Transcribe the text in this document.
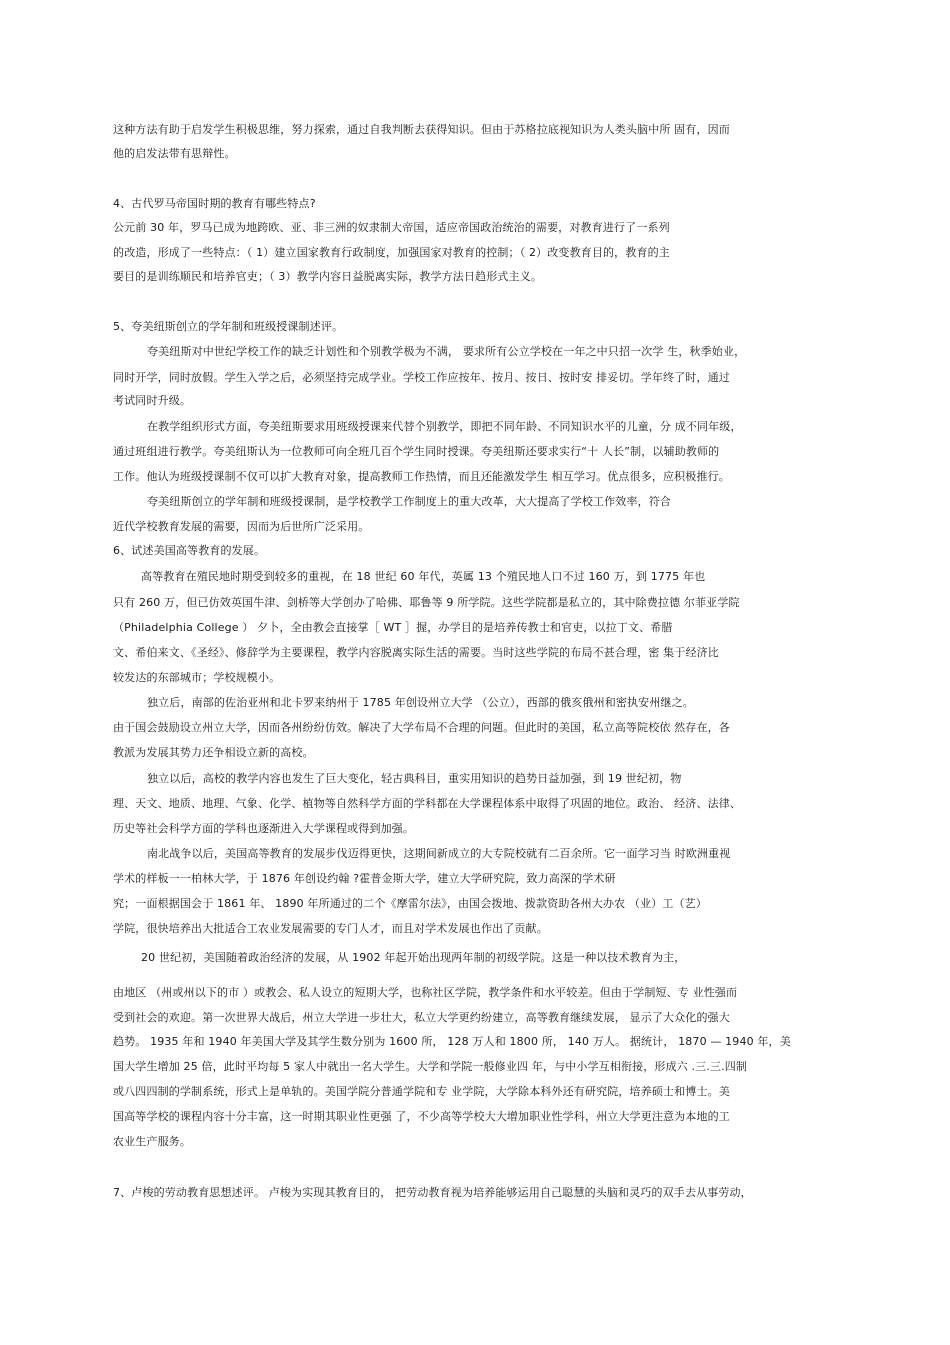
这种方法有助于启发学生积极思维，努力探索，通过自我判断去获得知识。但由于苏格拉底视知识为人类头脑中所 固有，因而
他的启发法带有思辩性。
4、古代罗马帝国时期的教育有哪些特点?
公元前 30 年，罗马已成为地跨欧、亚、非三洲的奴隶制大帝国，适应帝国政治统治的需要，对教育进行了一系列
的改造，形成了一些特点：（ 1）建立国家教育行政制度，加强国家对教育的控制；（ 2）改变教育目的，教育的主
要目的是训练顺民和培养官吏；（ 3）教学内容日益脱离实际，教学方法日趋形式主义。
5、夸美纽斯创立的学年制和班级授课制述评。
夸美纽斯对中世纪学校工作的缺乏计划性和个别教学极为不满， 要求所有公立学校在一年之中只招一次学 生，秋季始业，
同时开学，同时放假。学生入学之后，必须坚持完成学业。学校工作应按年、按月、按日、按时安 排妥切。学年终了时，通过
考试同时升级。
在教学组织形式方面，夸美纽斯要求用班级授课来代替个别教学，即把不同年龄、不同知识水平的儿童，分 成不同年级，
通过班组进行教学。夸美纽斯认为一位教师可向全班几百个学生同时授课。夸美纽斯还要求实行“十 人长”制，以辅助教师的
工作。他认为班级授课制不仅可以扩大教育对象，提高教师工作热情，而且还能激发学生 相互学习。优点很多，应积极推行。
夸美纽斯创立的学年制和班级授课制，是学校教学工作制度上的重大改革，大大提高了学校工作效率，符合
近代学校教育发展的需要，因而为后世所广泛采用。
6、试述美国高等教育的发展。
高等教育在殖民地时期受到较多的重视，在 18 世纪 60 年代，英属 13 个殖民地人口不过 160 万，到 1775 年也
只有 260 万，但已仿效英国牛津、剑桥等大学创办了哈佛、耶鲁等 9 所学院。这些学院都是私立的，其中除费拉德 尔菲亚学院
（Philadelphia College ） 夕卜，全由教会直接掌［ WT ］握，办学目的是培养传教士和官吏，以拉丁文、希腊
文、希伯来文、《圣经》、修辞学为主要课程，教学内容脱离实际生活的需要。当时这些学院的布局不甚合理，密 集于经济比
较发达的东部城市；学校规模小。
独立后，南部的佐治亚州和北卡罗来纳州于 1785 年创设州立大学 （公立），西部的俄亥俄州和密执安州继之。
由于国会鼓励设立州立大学，因而各州纷纷仿效。解决了大学布局不合理的问题。但此时的美国，私立高等院校依 然存在，各
教派为发展其势力还争相设立新的高校。
独立以后，高校的教学内容也发生了巨大变化，轻古典科目，重实用知识的趋势日益加强，到 19 世纪初，物
理、天文、地质、地理、气象、化学、植物等自然科学方面的学科都在大学课程体系中取得了巩固的地位。政治、 经济、法律、
历史等社会科学方面的学科也逐渐进入大学课程或得到加强。
南北战争以后，美国高等教育的发展步伐迈得更快，这期间新成立的大专院校就有二百余所。它一面学习当 时欧洲重视
学术的样板一一柏林大学，于 1876 年创设约翰 ?霍普金斯大学，建立大学研究院，致力高深的学术研
究；一面根据国会于 1861 年、 1890 年所通过的二个《摩雷尔法》，由国会拨地、拨款资助各州大办农 （业）工（艺）
学院，很快培养出大批适合工农业发展需要的专门人才，而且对学术发展也作出了贡献。
20 世纪初，美国随着政治经济的发展，从 1902 年起开始出现两年制的初级学院。这是一种以技术教育为主，
由地区 （州或州以下的市 ）或教会、私人设立的短期大学，也称社区学院，教学条件和水平较差。但由于学制短、专 业性强而
受到社会的欢迎。第一次世界大战后，州立大学进一步壮大，私立大学更约纷建立，高等教育继续发展， 显示了大众化的强大
趋势。 1935 年和 1940 年美国大学及其学生数分别为 1600 所， 128 万人和 1800 所， 140 万人。 据统计， 1870 — 1940 年，美
国大学生增加 25 倍，此时平均每 5 家人中就出一名大学生。大学和学院一般修业四 年，与中小学互相衔接，形成六 .三.三.四制
或八四四制的学制系统，形式上是单轨的。美国学院分普通学院和专 业学院，大学除本科外还有研究院，培养硕士和博士。美
国高等学校的课程内容十分丰富，这一时期其职业性更强 了，不少高等学校大大增加职业性学科，州立大学更注意为本地的工
农业生产服务。
7、卢梭的劳动教育思想述评。 卢梭为实现其教育目的， 把劳动教育视为培养能够运用自己聪慧的头脑和灵巧的双手去从事劳动，
